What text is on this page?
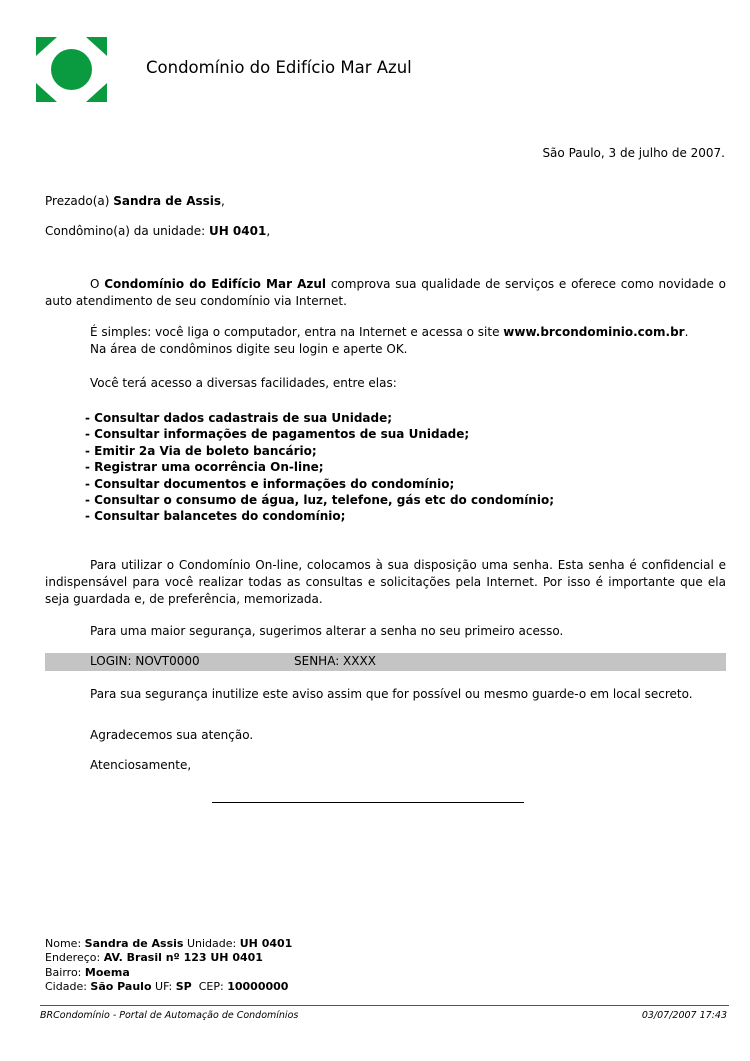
Condomínio do Edifício Mar Azul
São Paulo, 3 de julho de 2007.
Prezado(a) Sandra de Assis,
Condômino(a) da unidade: UH 0401,
O Condomínio do Edifício Mar Azul comprova sua qualidade de serviços e oferece como novidade o auto atendimento de seu condomínio via Internet.
É simples: você liga o computador, entra na Internet e acessa o site www.brcondominio.com.br.
Na área de condôminos digite seu login e aperte OK.
Você terá acesso a diversas facilidades, entre elas:
- Consultar dados cadastrais de sua Unidade;
- Consultar informações de pagamentos de sua Unidade;
- Emitir 2a Via de boleto bancário;
- Registrar uma ocorrência On-line;
- Consultar documentos e informações do condomínio;
- Consultar o consumo de água, luz, telefone, gás etc do condomínio;
- Consultar balancetes do condomínio;
Para utilizar o Condomínio On-line, colocamos à sua disposição uma senha. Esta senha é confidencial e indispensável para você realizar todas as consultas e solicitações pela Internet. Por isso é importante que ela seja guardada e, de preferência, memorizada.
Para uma maior segurança, sugerimos alterar a senha no seu primeiro acesso.
LOGIN: NOVT0000	SENHA: XXXX
Para sua segurança inutilize este aviso assim que for possível ou mesmo guarde-o em local secreto.
Agradecemos sua atenção.
Atenciosamente,
Nome: Sandra de Assis Unidade: UH 0401
Endereço: AV. Brasil nº 123 UH 0401
Bairro: Moema
Cidade: São Paulo UF: SP  CEP: 10000000
BRCondomínio - Portal de Automação de Condomínios	03/07/2007 17:43
